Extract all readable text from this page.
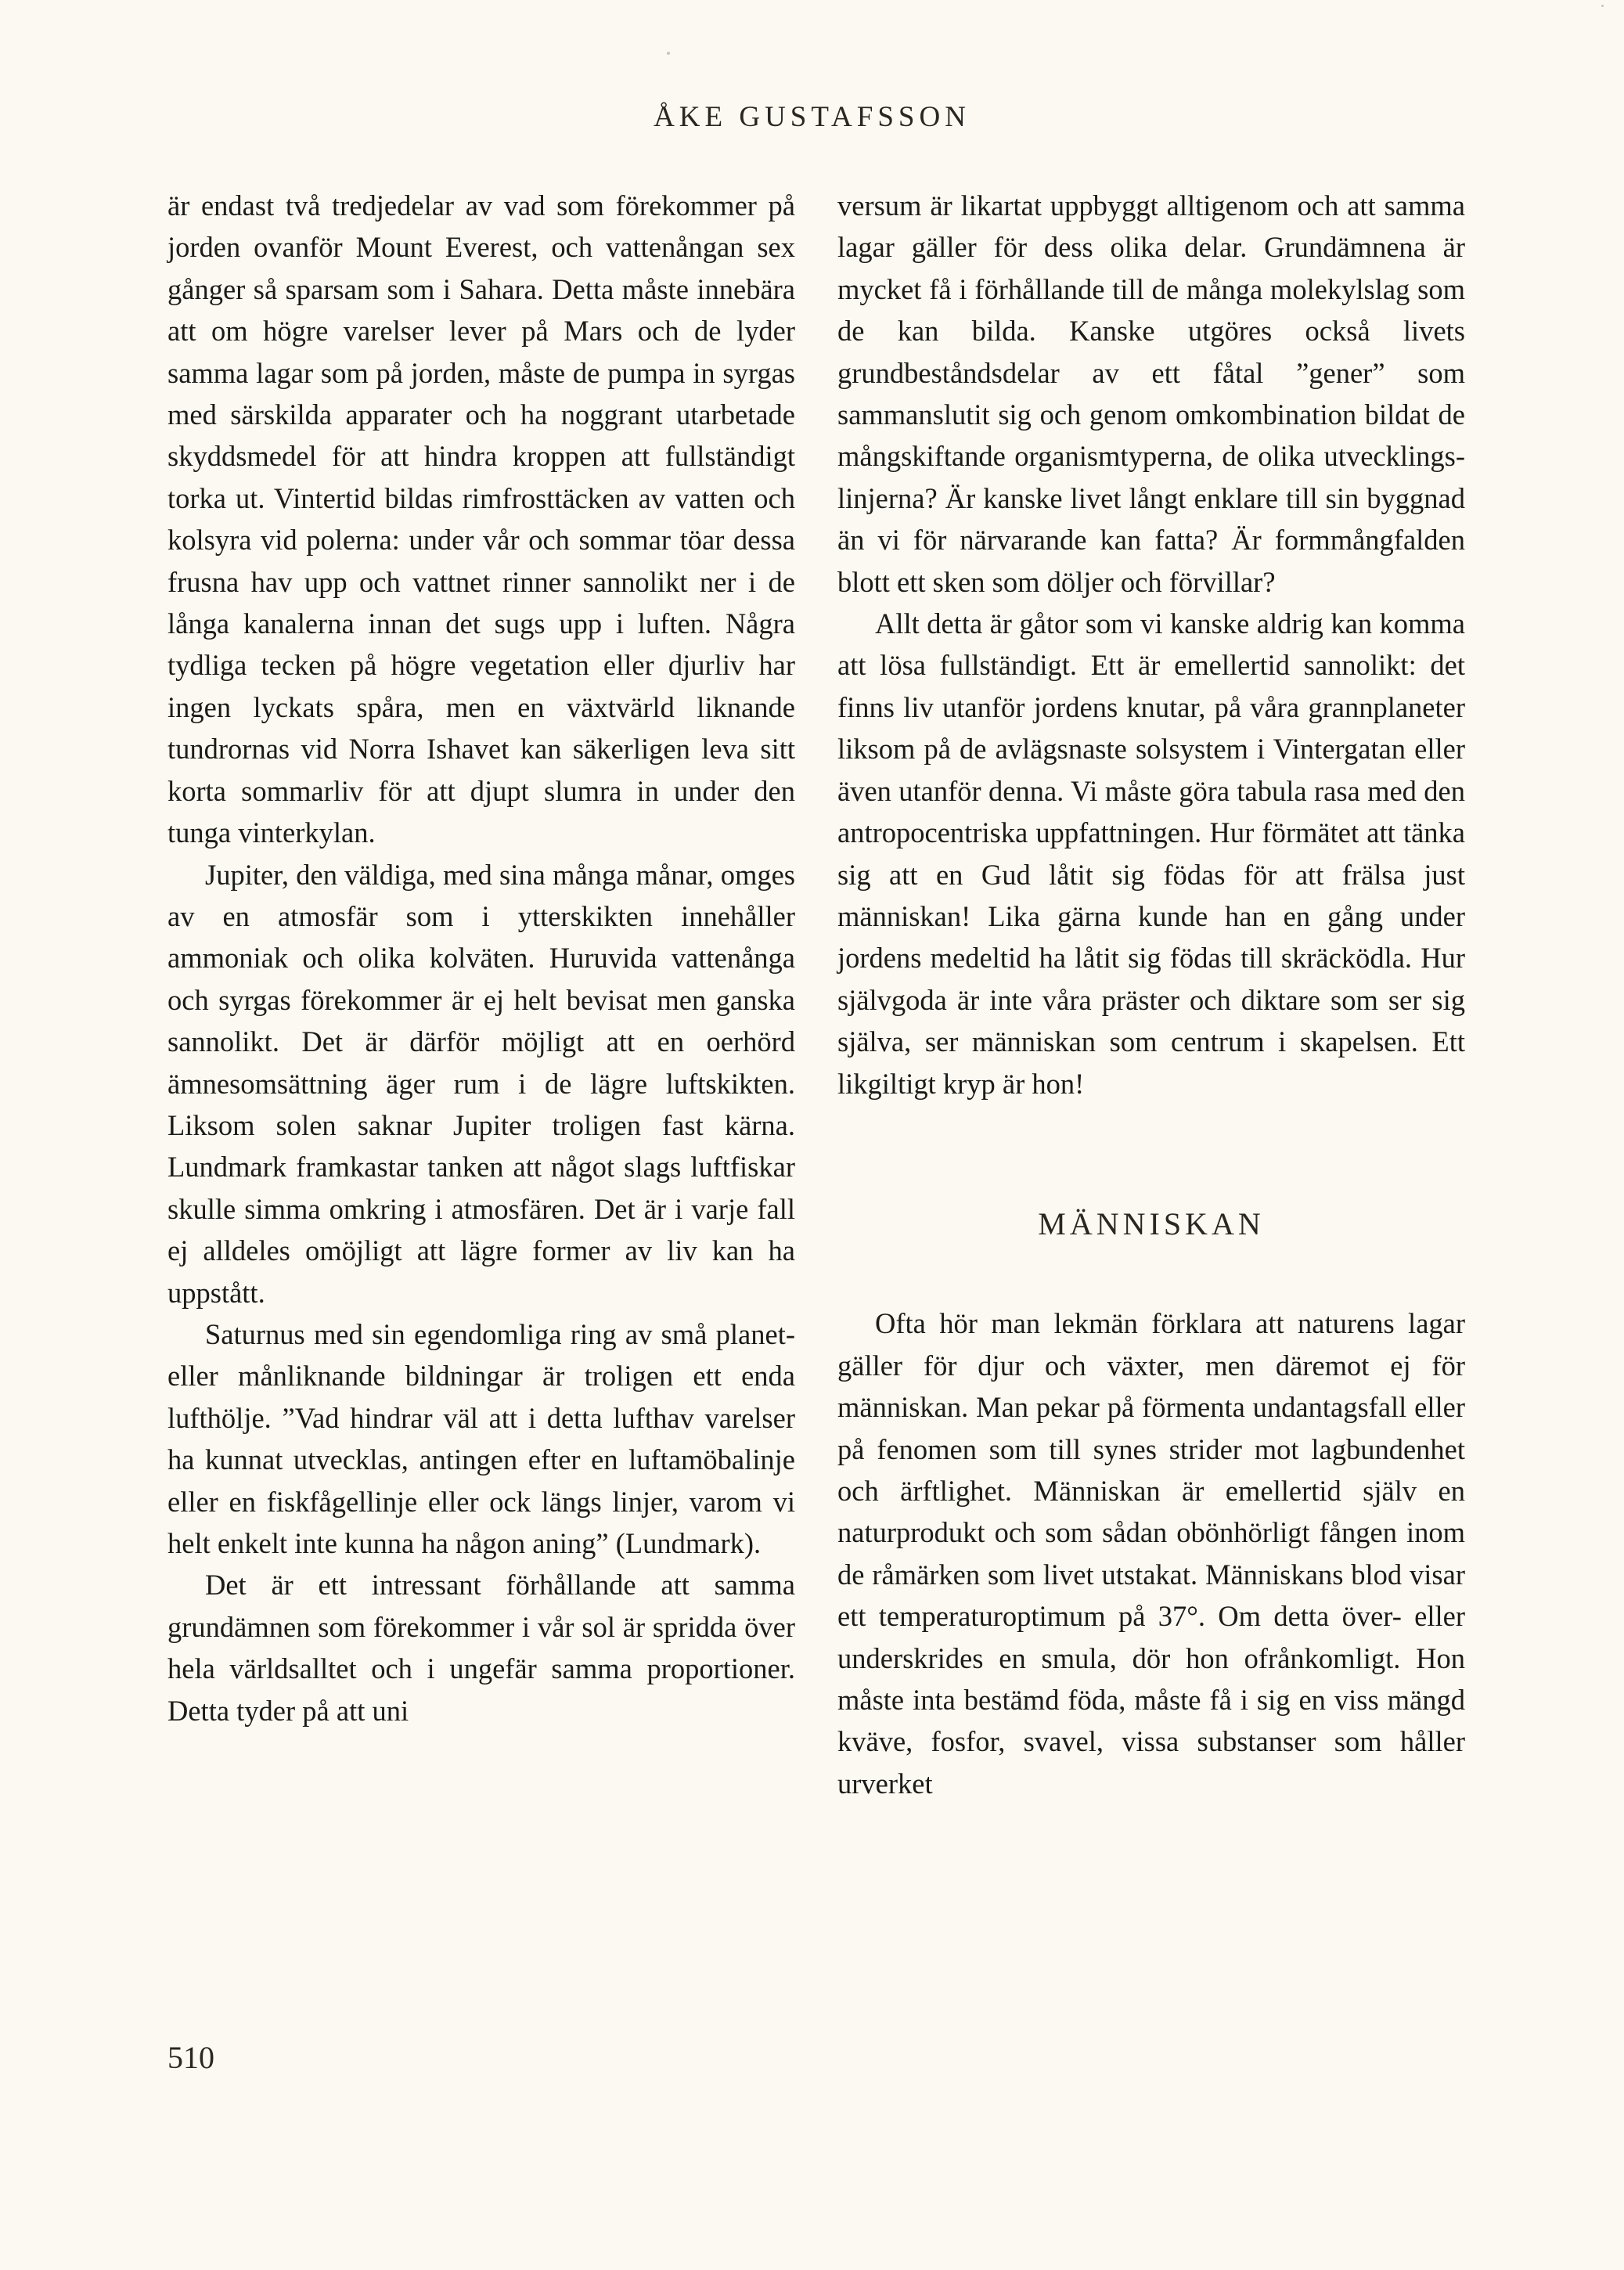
ÅKE GUSTAFSSON

är endast två tredjedelar av vad som förekommer på jorden ovanför Mount Everest, och vattenångan sex gånger så sparsam som i Sahara. Detta måste innebära att om högre varelser lever på Mars och de lyder samma lagar som på jorden, måste de pumpa in syrgas med särskilda apparater och ha noggrant utarbetade skyddsmedel för att hindra kroppen att fullständigt torka ut. Vintertid bildas rimfrosttäcken av vatten och kolsyra vid polerna: under vår och sommar töar dessa frusna hav upp och vattnet rinner sannolikt ner i de långa kanalerna innan det sugs upp i luften. Några tydliga tecken på högre vegetation eller djurliv har ingen lyckats spåra, men en växtvärld liknande tundrornas vid Norra Ishavet kan säkerligen leva sitt korta sommarliv för att djupt slumra in under den tunga vinterkylan.

Jupiter, den väldiga, med sina många månar, omges av en atmosfär som i ytterskikten innehåller ammoniak och olika kolväten. Huruvida vattenånga och syrgas förekommer är ej helt bevisat men ganska sannolikt. Det är därför möjligt att en oerhörd ämnesomsättning äger rum i de lägre luftskikten. Liksom solen saknar Jupiter troligen fast kärna. Lundmark framkastar tanken att något slags luftfiskar skulle simma omkring i atmosfären. Det är i varje fall ej alldeles omöjligt att lägre former av liv kan ha uppstått.

Saturnus med sin egendomliga ring av små planet- eller månliknande bildningar är troligen ett enda lufthölje. ”Vad hindrar väl att i detta lufthav varelser ha kunnat utvecklas, antingen efter en luftamöbalinje eller en fiskfågellinje eller ock längs linjer, varom vi helt enkelt inte kunna ha någon aning” (Lundmark).

Det är ett intressant förhållande att samma grundämnen som förekommer i vår sol är spridda över hela världsalltet och i ungefär samma proportioner. Detta tyder på att uni

versum är likartat uppbyggt alltigenom och att samma lagar gäller för dess olika delar. Grundämnena är mycket få i förhållande till de många molekylslag som de kan bilda. Kanske utgöres också livets grundbeståndsdelar av ett fåtal ”gener” som sammanslutit sig och genom omkombination bildat de mångskiftande organismtyperna, de olika utvecklingslinjerna? Är kanske livet långt enklare till sin byggnad än vi för närvarande kan fatta? Är formmångfalden blott ett sken som döljer och förvillar?

Allt detta är gåtor som vi kanske aldrig kan komma att lösa fullständigt. Ett är emellertid sannolikt: det finns liv utanför jordens knutar, på våra grannplaneter liksom på de avlägsnaste solsystem i Vintergatan eller även utanför denna. Vi måste göra tabula rasa med den antropocentriska uppfattningen. Hur förmätet att tänka sig att en Gud låtit sig födas för att frälsa just människan! Lika gärna kunde han en gång under jordens medeltid ha låtit sig födas till skräcködla. Hur självgoda är inte våra präster och diktare som ser sig själva, ser människan som centrum i skapelsen. Ett likgiltigt kryp är hon!

MÄNNISKAN

Ofta hör man lekmän förklara att naturens lagar gäller för djur och växter, men däremot ej för människan. Man pekar på förmenta undantagsfall eller på fenomen som till synes strider mot lagbundenhet och ärftlighet. Människan är emellertid själv en naturprodukt och som sådan obönhörligt fången inom de råmärken som livet utstakat. Människans blod visar ett temperaturoptimum på 37°. Om detta över- eller underskrides en smula, dör hon ofrånkomligt. Hon måste inta bestämd föda, måste få i sig en viss mängd kväve, fosfor, svavel, vissa substanser som håller urverket

510
